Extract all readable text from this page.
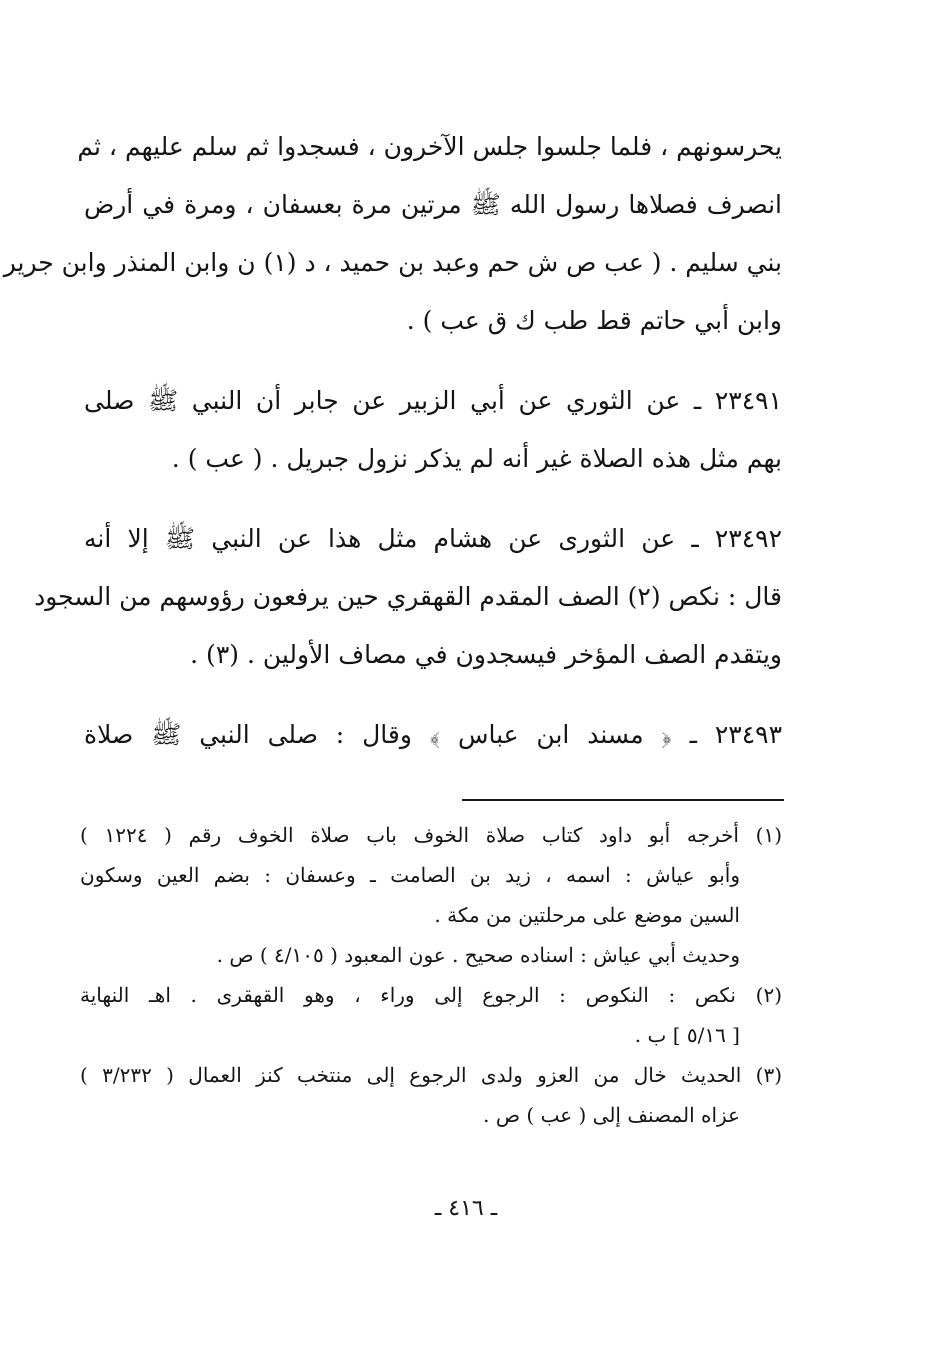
يحرسونهم ، فلما جلسوا جلس الآخرون ، فسجدوا ثم سلم عليهم ، ثم
انصرف فصلاها رسول الله ﷺ مرتين مرة بعسفان ، ومرة في أرض
بني سليم . ( عب ص ش حم وعبد بن حميد ، د (١) ن وابن المنذر وابن جرير
وابن أبي حاتم قط طب ك ق عب ) .
٢٣٤٩١ ـ عن الثوري عن أبي الزبير عن جابر أن النبي ﷺ صلى
بهم مثل هذه الصلاة غير أنه لم يذكر نزول جبريل . ( عب ) .
٢٣٤٩٢ ـ عن الثورى عن هشام مثل هذا عن النبي ﷺ إلا أنه
قال : نكص (٢) الصف المقدم القهقري حين يرفعون رؤوسهم من السجود
ويتقدم الصف المؤخر فيسجدون في مصاف الأولين . (٣) .
٢٣٤٩٣ ـ ﴿ مسند ابن عباس ﴾ وقال : صلى النبي ﷺ صلاة
(١) أخرجه أبو داود كتاب صلاة الخوف باب صلاة الخوف رقم ( ١٢٢٤ )
وأبو عياش : اسمه ، زيد بن الصامت ـ وعسفان : بضم العين وسكون
السين موضع على مرحلتين من مكة .
وحديث أبي عياش : اسناده صحيح . عون المعبود ( ٤/١٠٥ ) ص .
(٢) نكص : النكوص : الرجوع إلى وراء ، وهو القهقرى . اهـ النهاية
[ ٥/١٦ ] ب .
(٣) الحديث خال من العزو ولدى الرجوع إلى منتخب كنز العمال ( ٣/٢٣٢ )
عزاه المصنف إلى ( عب ) ص .
ـ ٤١٦ ـ
